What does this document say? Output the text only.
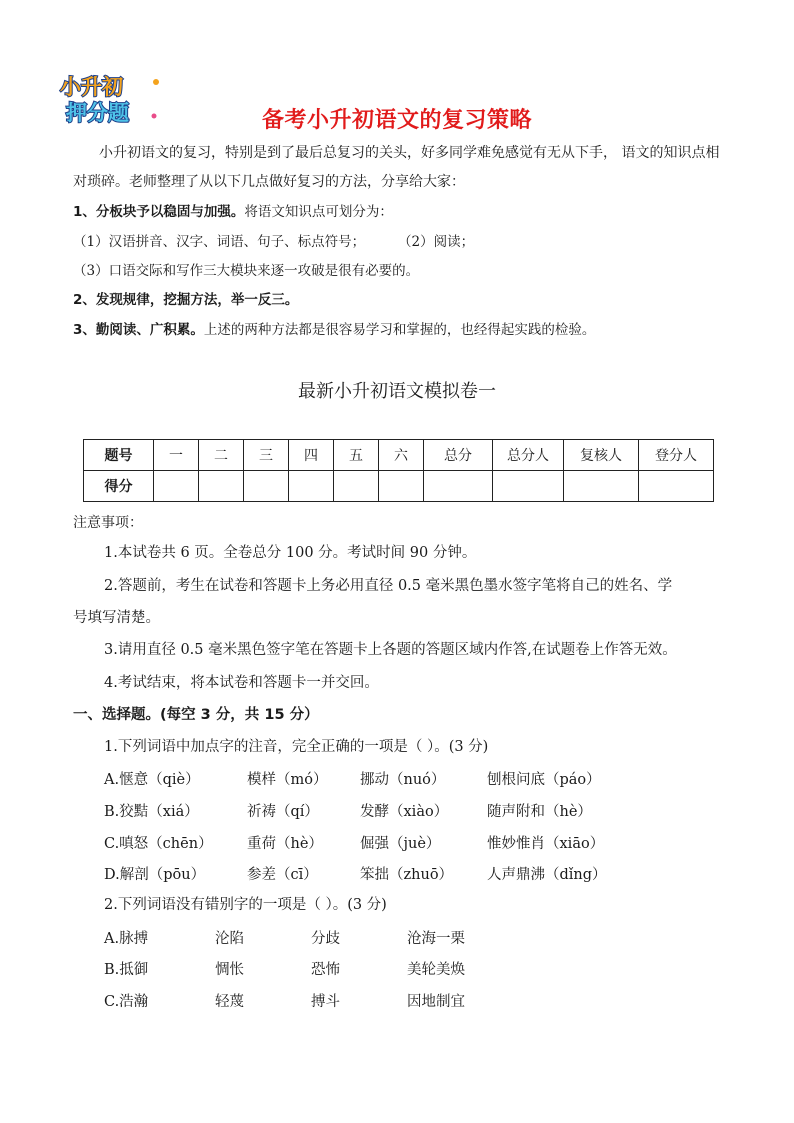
小升初
押分题	备考小升初语文的复习策略
小升初语文的复习，特别是到了最后总复习的关头，好多同学难免感觉有无从下手， 语文的知识点相
对琐碎。老师整理了从以下几点做好复习的方法，分享给大家：
1、分板块予以稳固与加强。将语文知识点可划分为：
（1）汉语拼音、汉字、词语、句子、标点符号； （2）阅读；
（3）口语交际和写作三大模块来逐一攻破是很有必要的。
2、发现规律，挖掘方法，举一反三。
3、勤阅读、广积累。上述的两种方法都是很容易学习和掌握的，也经得起实践的检验。
最新小升初语文模拟卷一
题号	一	二	三	四	五	六	总分	总分人	复核人	登分人
得分										
注意事项：
1.本试卷共 6 页。全卷总分 100 分。考试时间 90 分钟。
2.答题前，考生在试卷和答题卡上务必用直径 0.5 毫米黑色墨水签字笔将自己的姓名、学
号填写清楚。
3.请用直径 0.5 毫米黑色签字笔在答题卡上各题的答题区域内作答,在试题卷上作答无效。
4.考试结束，将本试卷和答题卡一并交回。
一、选择题。(每空 3 分，共 15 分）
1.下列词语中加点字的注音，完全正确的一项是（ ）。(3 分)
A.惬意（qiè）	模样（mó） 挪动（nuó）	刨根问底（páo）
B.狡黠（xiá）	祈祷（qí）	发酵（xiào）	随声附和（hè）
C.嗔怒（chēn） 重荷（hè）	倔强（juè）	惟妙惟肖（xiāo）
D.解剖（pōu）	参差（cī）	笨拙（zhuō） 人声鼎沸（dǐng）
2.下列词语没有错别字的一项是（ ）。(3 分)
A.脉搏	沦陷	分歧	沧海一栗
B.抵御	惆怅	恐怖	美轮美焕
C.浩瀚	轻蔑	搏斗	因地制宜
